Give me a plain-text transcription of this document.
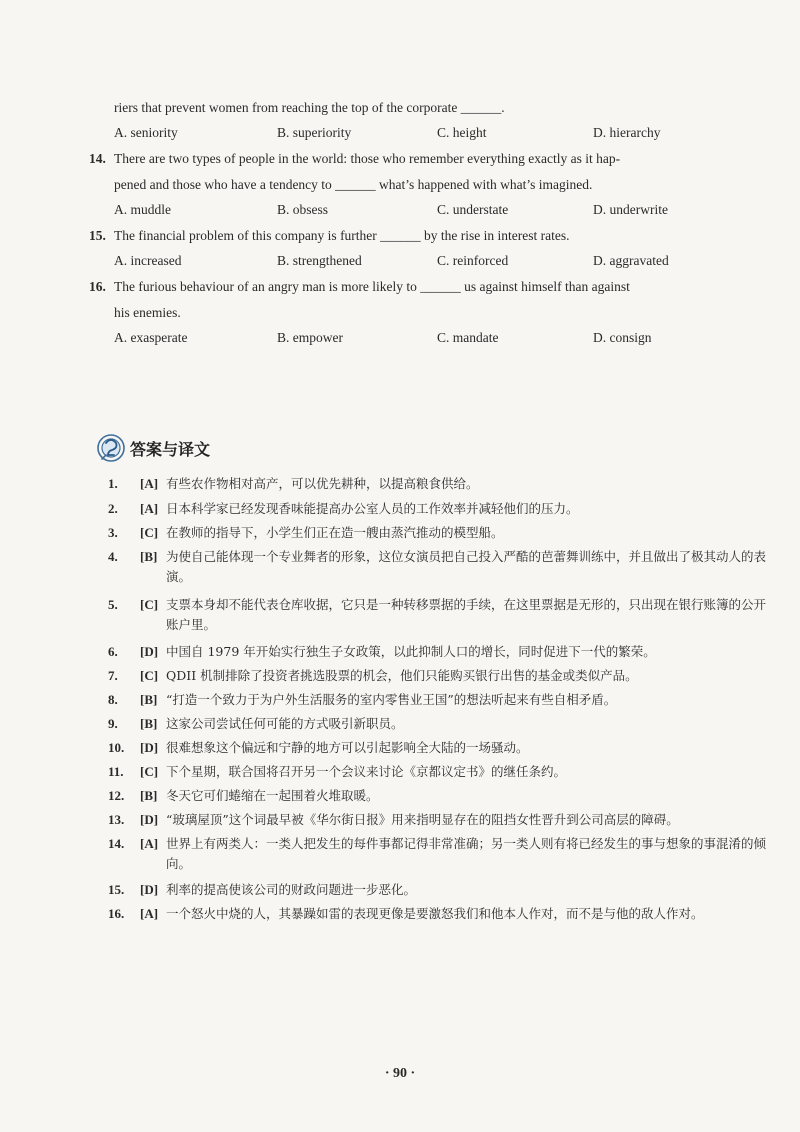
riers that prevent women from reaching the top of the corporate ______.
A. seniority	B. superiority	C. height	D. hierarchy
14. There are two types of people in the world: those who remember everything exactly as it hap-
pened and those who have a tendency to ______ what’s happened with what’s imagined.
A. muddle	B. obsess	C. understate	D. underwrite
15. The financial problem of this company is further ______ by the rise in interest rates.
A. increased	B. strengthened	C. reinforced	D. aggravated
16. The furious behaviour of an angry man is more likely to ______ us against himself than against
his enemies.
A. exasperate	B. empower	C. mandate	D. consign
答案与译文
1.	[A] 有些农作物相对高产，可以优先耕种，以提高粮食供给。
2.	[A] 日本科学家已经发现香味能提高办公室人员的工作效率并减轻他们的压力。
3.	[C] 在教师的指导下，小学生们正在造一艘由蒸汽推动的模型船。
4.	[B] 为使自己能体现一个专业舞者的形象，这位女演员把自己投入严酷的芭蕾舞训练中，并且做出了极其动人的表演。
5.	[C] 支票本身却不能代表仓库收据，它只是一种转移票据的手续，在这里票据是无形的，只出现在银行账簿的公开账户里。
6.	[D] 中国自 1979 年开始实行独生子女政策，以此抑制人口的增长，同时促进下一代的繁荣。
7.	[C] QDII 机制排除了投资者挑选股票的机会，他们只能购买银行出售的基金或类似产品。
8.	[B] “打造一个致力于为户外生活服务的室内零售业王国”的想法听起来有些自相矛盾。
9.	[B] 这家公司尝试任何可能的方式吸引新职员。
10.	[D] 很难想象这个偏远和宁静的地方可以引起影响全大陆的一场骚动。
11.	[C] 下个星期，联合国将召开另一个会议来讨论《京都议定书》的继任条约。
12.	[B] 冬天它可们蜷缩在一起围着火堆取暖。
13.	[D] “玻璃屋顶”这个词最早被《华尔街日报》用来指明显存在的阻挡女性晋升到公司高层的障碍。
14.	[A] 世界上有两类人：一类人把发生的每件事都记得非常准确；另一类人则有将已经发生的事与想象的事混淆的倾向。
15.	[D] 利率的提高使该公司的财政问题进一步恶化。
16.	[A] 一个怒火中烧的人，其暴躁如雷的表现更像是要激怒我们和他本人作对，而不是与他的敌人作对。
· 90 ·
